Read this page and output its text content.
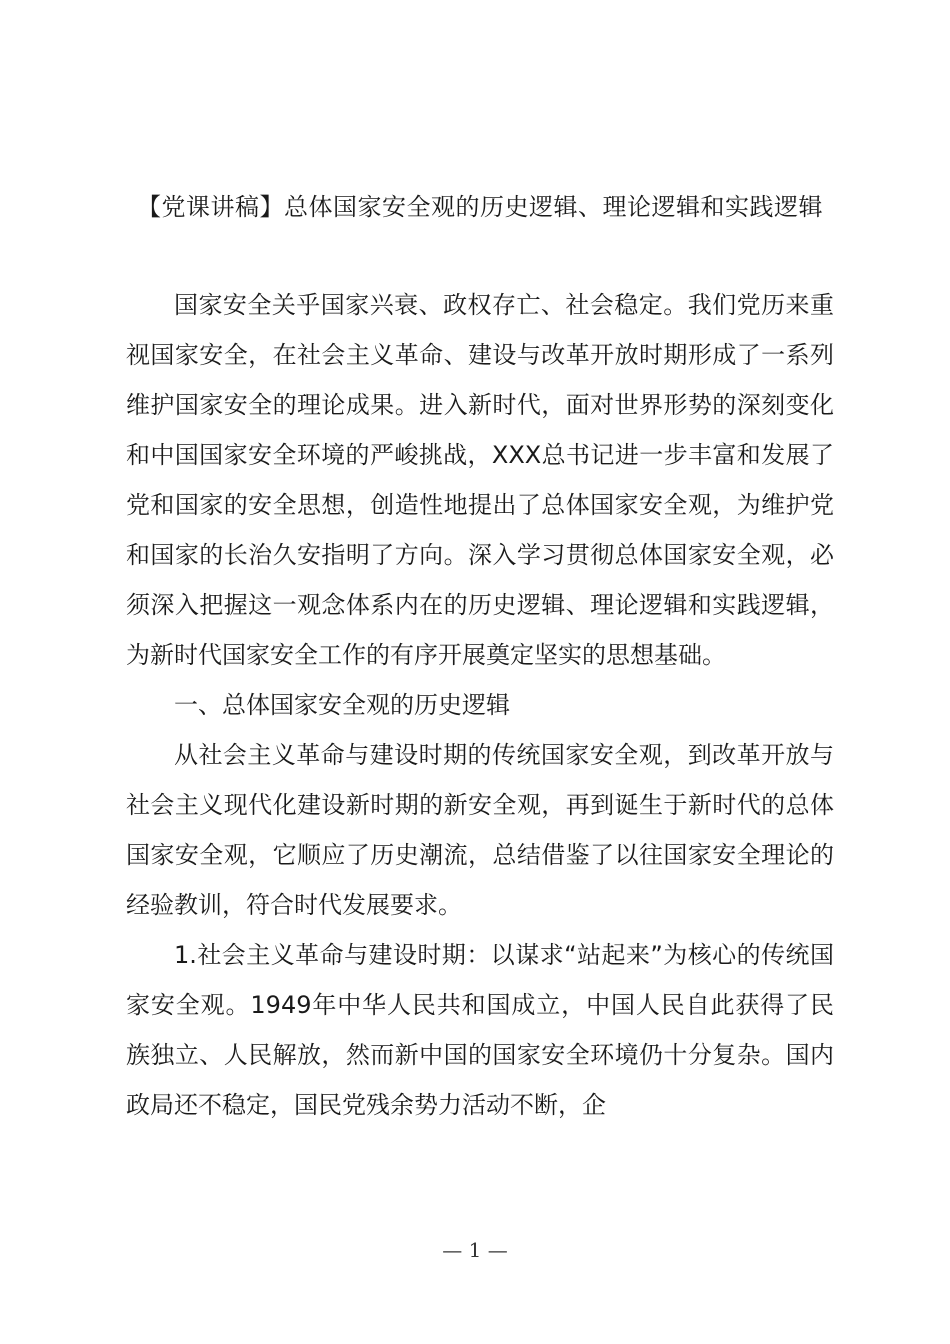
【党课讲稿】总体国家安全观的历史逻辑、理论逻辑和实践逻辑

国家安全关乎国家兴衰、政权存亡、社会稳定。我们党历来重视国家安全，在社会主义革命、建设与改革开放时期形成了一系列维护国家安全的理论成果。进入新时代，面对世界形势的深刻变化和中国国家安全环境的严峻挑战，XXX总书记进一步丰富和发展了党和国家的安全思想，创造性地提出了总体国家安全观，为维护党和国家的长治久安指明了方向。深入学习贯彻总体国家安全观，必须深入把握这一观念体系内在的历史逻辑、理论逻辑和实践逻辑，为新时代国家安全工作的有序开展奠定坚实的思想基础。

一、总体国家安全观的历史逻辑

从社会主义革命与建设时期的传统国家安全观，到改革开放与社会主义现代化建设新时期的新安全观，再到诞生于新时代的总体国家安全观，它顺应了历史潮流，总结借鉴了以往国家安全理论的经验教训，符合时代发展要求。

1.社会主义革命与建设时期：以谋求“站起来”为核心的传统国家安全观。1949年中华人民共和国成立，中国人民自此获得了民族独立、人民解放，然而新中国的国家安全环境仍十分复杂。国内政局还不稳定，国民党残余势力活动不断，企

— 1 —
